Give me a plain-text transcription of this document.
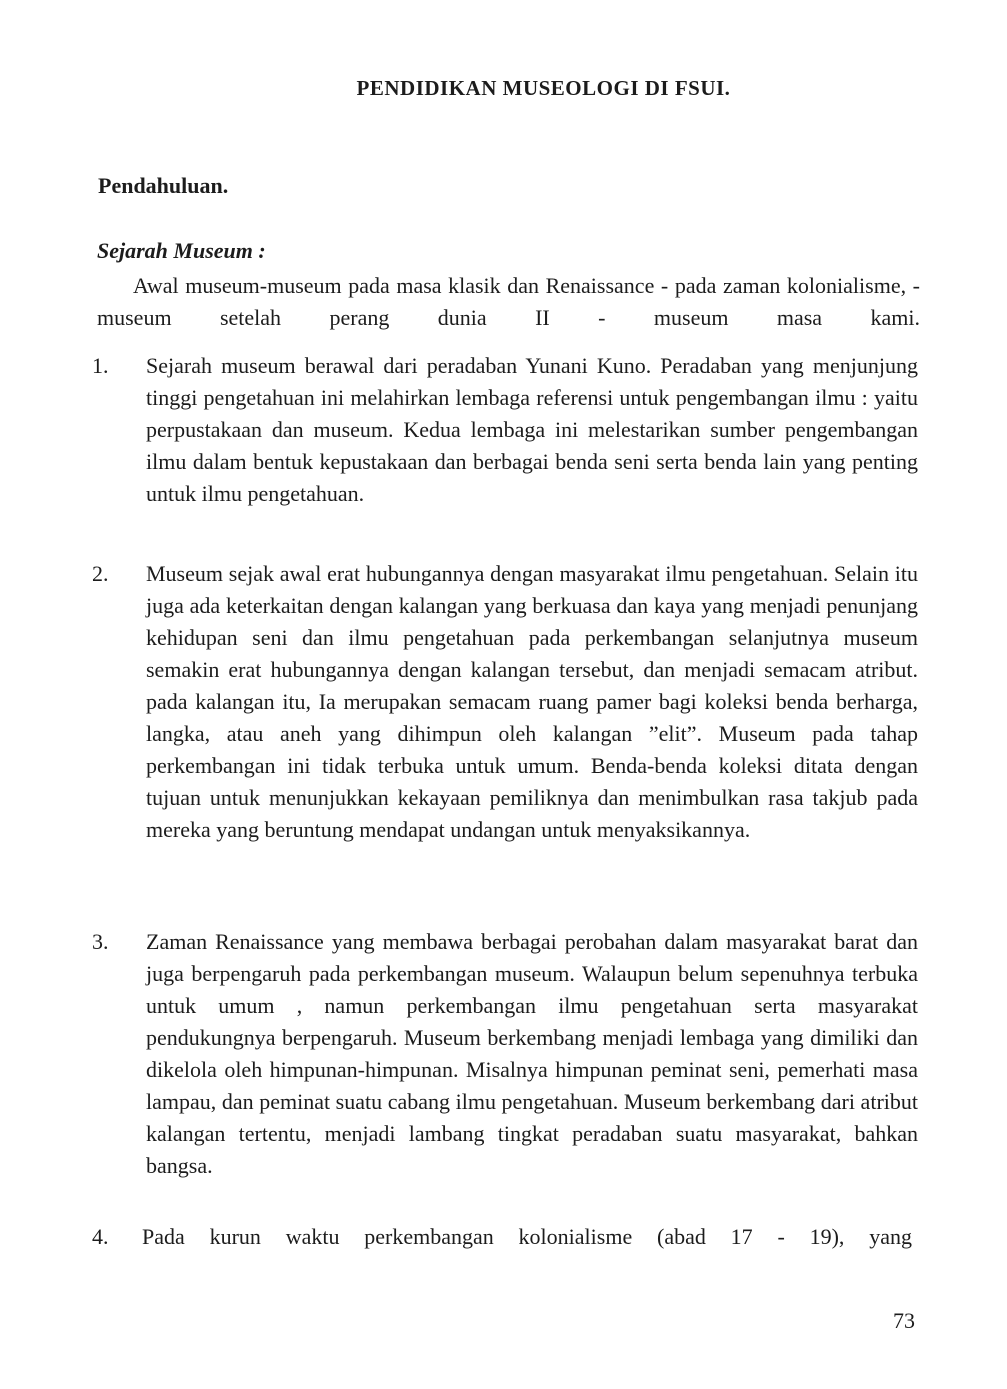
PENDIDIKAN MUSEOLOGI DI FSUI.
Pendahuluan.
Sejarah Museum :
Awal museum-museum pada masa klasik dan Renaissance - pada zaman kolonialisme, - museum setelah perang dunia II - museum masa kami.
1.	Sejarah museum berawal dari peradaban Yunani Kuno. Peradaban yang menjunjung tinggi pengetahuan ini melahirkan lembaga referensi untuk pengembangan ilmu : yaitu perpustakaan dan museum. Kedua lembaga ini melestarikan sumber pengembangan ilmu dalam bentuk kepustakaan dan berbagai benda seni serta benda lain yang penting untuk ilmu pengetahuan.
2.	Museum sejak awal erat hubungannya dengan masyarakat ilmu pengetahuan. Selain itu juga ada keterkaitan dengan kalangan yang berkuasa dan kaya yang menjadi penunjang kehidupan seni dan ilmu pengetahuan pada perkembangan selanjutnya museum semakin erat hubungannya dengan kalangan tersebut, dan menjadi semacam atribut. pada kalangan itu, Ia merupakan semacam ruang pamer bagi koleksi benda berharga, langka, atau aneh yang dihimpun oleh kalangan ”elit”. Museum pada tahap perkembangan ini tidak terbuka untuk umum. Benda-benda koleksi ditata dengan tujuan untuk menunjukkan kekayaan pemiliknya dan menimbulkan rasa takjub pada mereka yang beruntung mendapat undangan untuk menyaksikannya.
3.	Zaman Renaissance yang membawa berbagai perobahan dalam masyarakat barat dan juga berpengaruh pada perkembangan museum. Walaupun belum sepenuhnya terbuka untuk umum , namun perkembangan ilmu pengetahuan serta masyarakat pendukungnya berpengaruh. Museum berkembang menjadi lembaga yang dimiliki dan dikelola oleh himpunan-himpunan. Misalnya himpunan peminat seni, pemerhati masa lampau, dan peminat suatu cabang ilmu pengetahuan. Museum berkembang dari atribut kalangan tertentu, menjadi lambang tingkat peradaban suatu masyarakat, bahkan bangsa.
4.	Pada kurun waktu perkembangan kolonialisme (abad 17 - 19), yang
73
